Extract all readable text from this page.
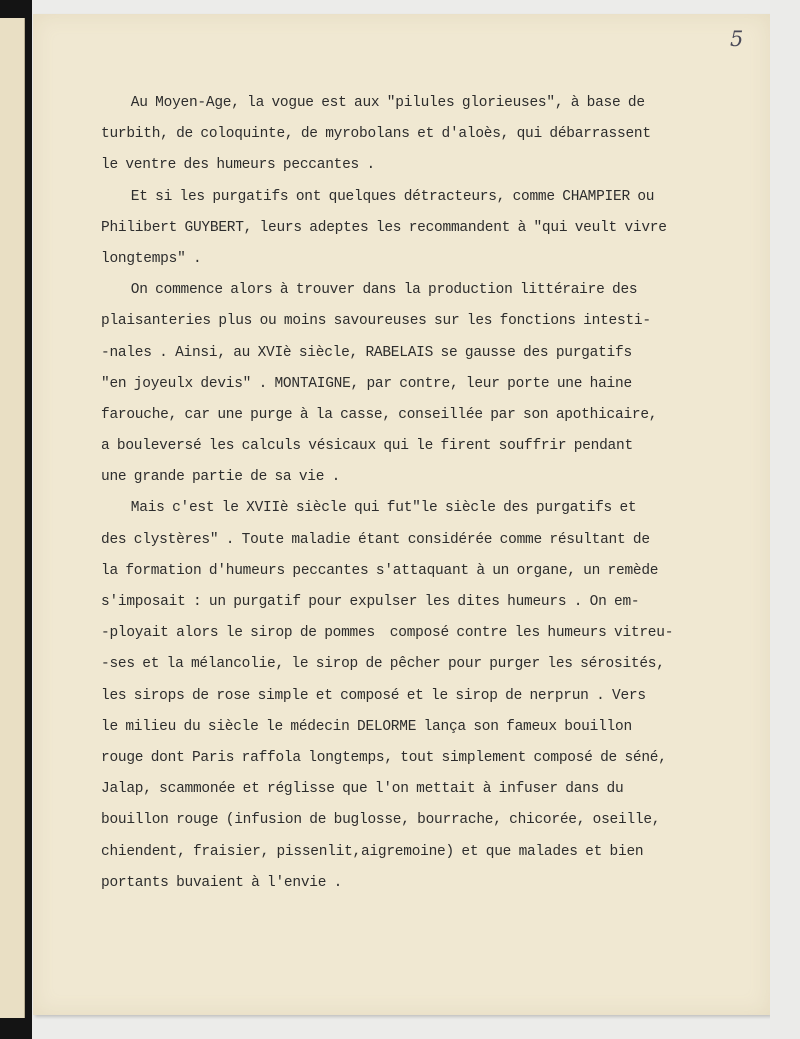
5
Au Moyen-Age, la vogue est aux "pilules glorieuses", à base de
turbith, de coloquinte, de myrobolans et d'aloès, qui débarrassent
le ventre des humeurs peccantes .
Et si les purgatifs ont quelques détracteurs, comme CHAMPIER ou
Philibert GUYBERT, leurs adeptes les recommandent à "qui veult vivre
longtemps" .
On commence alors à trouver dans la production littéraire des
plaisanteries plus ou moins savoureuses sur les fonctions intesti-
-nales . Ainsi, au XVIè siècle, RABELAIS se gausse des purgatifs
"en joyeulx devis" . MONTAIGNE, par contre, leur porte une haine
farouche, car une purge à la casse, conseillée par son apothicaire,
a bouleversé les calculs vésicaux qui le firent souffrir pendant
une grande partie de sa vie .
Mais c'est le XVIIè siècle qui fut"le siècle des purgatifs et
des clystères" . Toute maladie étant considérée comme résultant de
la formation d'humeurs peccantes s'attaquant à un organe, un remède
s'imposait : un purgatif pour expulser les dites humeurs . On em-
-ployait alors le sirop de pommes  composé contre les humeurs vitreu-
-ses et la mélancolie, le sirop de pêcher pour purger les sérosités,
les sirops de rose simple et composé et le sirop de nerprun . Vers
le milieu du siècle le médecin DELORME lança son fameux bouillon
rouge dont Paris raffola longtemps, tout simplement composé de séné,
Jalap, scammonée et réglisse que l'on mettait à infuser dans du
bouillon rouge (infusion de buglosse, bourrache, chicorée, oseille,
chiendent, fraisier, pissenlit,aigremoine) et que malades et bien
portants buvaient à l'envie .
